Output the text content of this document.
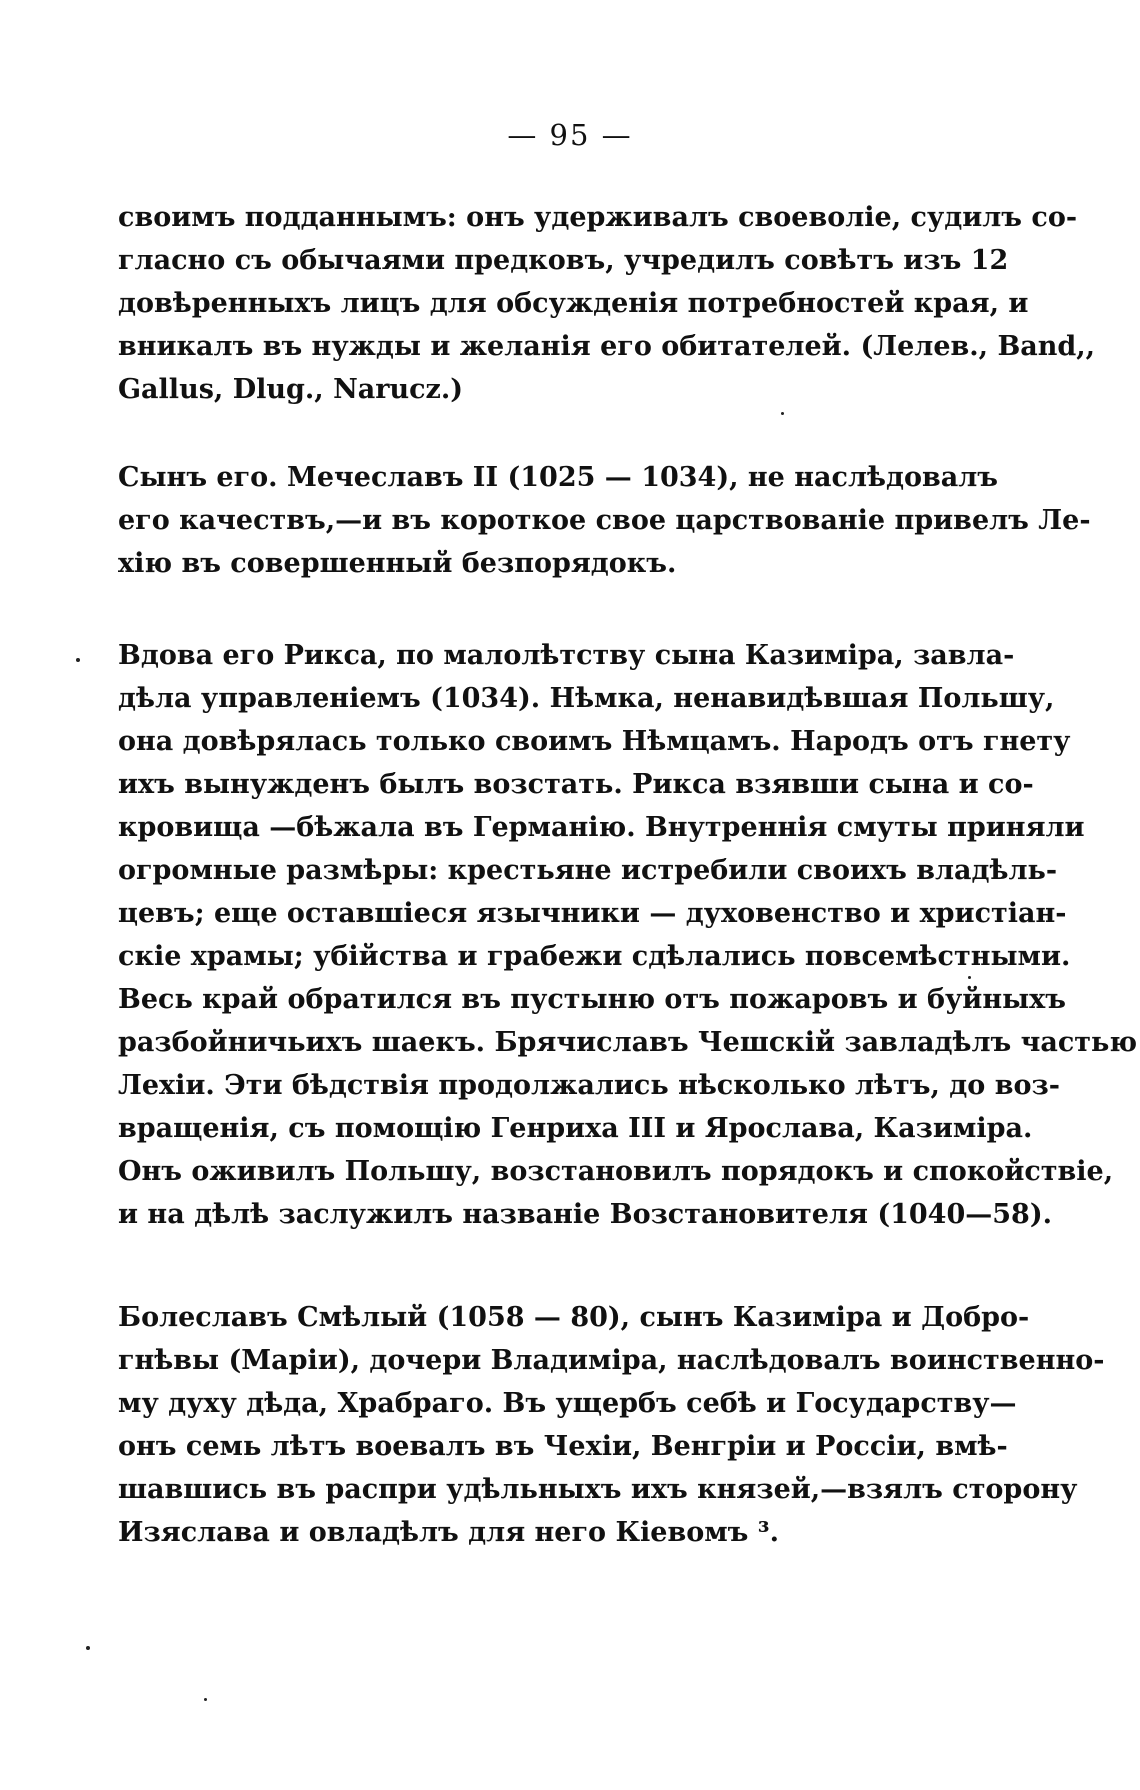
— 95 —
своимъ подданнымъ: онъ удерживалъ своеволіе, судилъ со-
гласно съ обычаями предковъ, учредилъ совѣтъ изъ 12
довѣренныхъ лицъ для обсужденія потребностей края, и
вникалъ въ нужды и желанія его обитателей. (Лелев., Band,,
Gallus, Dlug., Narucz.)
Сынъ его. Мечеславъ II (1025 — 1034), не наслѣдовалъ
его качествъ,—и въ короткое свое царствованіе привелъ Ле-
хію въ совершенный безпорядокъ.
Вдова его Рикса, по малолѣтству сына Казиміра, завла-
дѣла управленіемъ (1034). Нѣмка, ненавидѣвшая Польшу,
она довѣрялась только своимъ Нѣмцамъ. Народъ отъ гнету
ихъ вынужденъ былъ возстать. Рикса взявши сына и со-
кровища —бѣжала въ Германію. Внутреннія смуты приняли
огромные размѣры: крестьяне истребили своихъ владѣль-
цевъ; еще оставшіеся язычники — духовенство и христіан-
скіе храмы; убійства и грабежи сдѣлались повсемѣстными.
Весь край обратился въ пустыню отъ пожаровъ и буйныхъ
разбойничьихъ шаекъ. Брячиславъ Чешскій завладѣлъ частью
Лехіи. Эти бѣдствія продолжались нѣсколько лѣтъ, до воз-
вращенія, съ помощію Генриха III и Ярослава, Казиміра.
Онъ оживилъ Польшу, возстановилъ порядокъ и спокойствіе,
и на дѣлѣ заслужилъ названіе Возстановителя (1040—58).
Болеславъ Смѣлый (1058 — 80), сынъ Казиміра и Добро-
гнѣвы (Маріи), дочери Владиміра, наслѣдовалъ воинственно-
му духу дѣда, Храбраго. Въ ущербъ себѣ и Государству—
онъ семь лѣтъ воевалъ въ Чехіи, Венгріи и Россіи, вмѣ-
шавшись въ распри удѣльныхъ ихъ князей,—взялъ сторону
Изяслава и овладѣлъ для него Кіевомъ ³.
